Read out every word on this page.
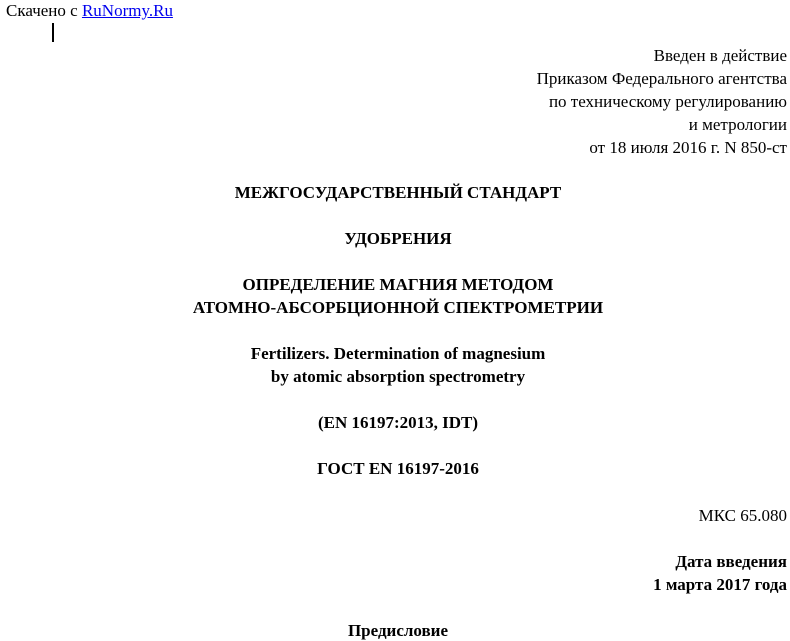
Скачено с RuNormy.Ru
Введен в действие
Приказом Федерального агентства
по техническому регулированию
и метрологии
от 18 июля 2016 г. N 850-ст
МЕЖГОСУДАРСТВЕННЫЙ СТАНДАРТ
УДОБРЕНИЯ
ОПРЕДЕЛЕНИЕ МАГНИЯ МЕТОДОМ
АТОМНО-АБСОРБЦИОННОЙ СПЕКТРОМЕТРИИ
Fertilizers. Determination of magnesium
by atomic absorption spectrometry
(EN 16197:2013, IDT)
ГОСТ EN 16197-2016
МКС 65.080
Дата введения
1 марта 2017 года
Предисловие
